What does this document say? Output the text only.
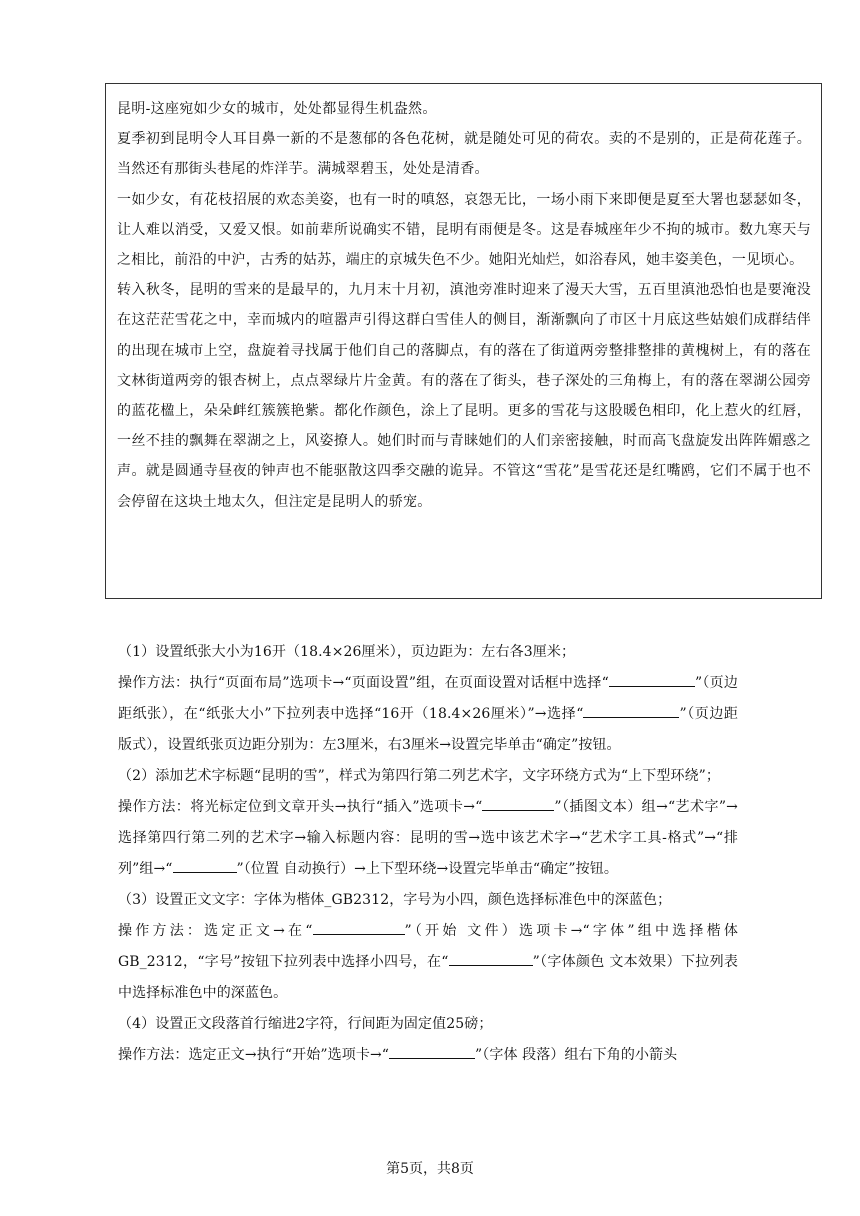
昆明-这座宛如少女的城市，处处都显得生机盎然。

夏季初到昆明令人耳目鼻一新的不是葱郁的各色花树，就是随处可见的荷农。卖的不是别的，正是荷花莲子。当然还有那街头巷尾的炸洋芋。满城翠碧玉，处处是清香。

一如少女，有花枝招展的欢态美姿，也有一时的嗔怒，哀怨无比，一场小雨下来即便是夏至大署也瑟瑟如冬，让人难以消受，又爱又恨。如前辈所说确实不错，昆明有雨便是冬。这是春城座年少不拘的城市。数九寒天与之相比，前沿的中沪，古秀的姑苏，端庄的京城失色不少。她阳光灿烂，如浴春风，她丰姿美色，一见顷心。

转入秋冬，昆明的雪来的是最早的，九月末十月初，滇池旁准时迎来了漫天大雪，五百里滇池恐怕也是要淹没在这茫茫雪花之中，幸而城内的喧嚣声引得这群白雪佳人的侧目，渐渐飘向了市区十月底这些姑娘们成群结伴的出现在城市上空，盘旋着寻找属于他们自己的落脚点，有的落在了街道两旁整排整排的黄槐树上，有的落在文林街道两旁的银杏树上，点点翠绿片片金黄。有的落在了街头，巷子深处的三角梅上，有的落在翠湖公园旁的蓝花楹上，朵朵衅红簇簇艳紫。都化作颜色，涂上了昆明。更多的雪花与这股暖色相印，化上惹火的红唇，一丝不挂的飘舞在翠湖之上，风姿撩人。她们时而与青睐她们的人们亲密接触，时而高飞盘旋发出阵阵媚惑之声。就是圆通寺昼夜的钟声也不能驱散这四季交融的诡异。不管这“雪花”是雪花还是红嘴鸥，它们不属于也不会停留在这块土地太久，但注定是昆明人的骄宠。

（1）设置纸张大小为16开（18.4×26厘米），页边距为：左右各3厘米；

操作方法：执行“页面布局”选项卡→“页面设置”组，在页面设置对话框中选择“	”（页边距纸张），在“纸张大小”下拉列表中选择“16开（18.4×26厘米）”→选择“	”（页边距 版式），设置纸张页边距分别为：左3厘米，右3厘米→设置完毕单击“确定”按钮。

（2）添加艺术字标题“昆明的雪”，样式为第四行第二列艺术字，文字环绕方式为“上下型环绕”；

操作方法：将光标定位到文章开头→执行“插入”选项卡→“	”（插图文本）组→“艺术字”→选择第四行第二列的艺术字→输入标题内容：昆明的雪→选中该艺术字→“艺术字工具-格式”→“排列”组→“	”（位置 自动换行）→上下型环绕→设置完毕单击“确定”按钮。

（3）设置正文文字：字体为楷体_GB2312，字号为小四，颜色选择标准色中的深蓝色；

操作方法：选定正文→在“	”（开始 文件）选项卡→“字体”组中选择楷体GB_2312，“字号”按钮下拉列表中选择小四号，在“	”（字体颜色 文本效果）下拉列表中选择标准色中的深蓝色。

（4）设置正文段落首行缩进2字符，行间距为固定值25磅；

操作方法：选定正文→执行“开始”选项卡→“	”（字体 段落）组右下角的小箭头

第5页，共8页
